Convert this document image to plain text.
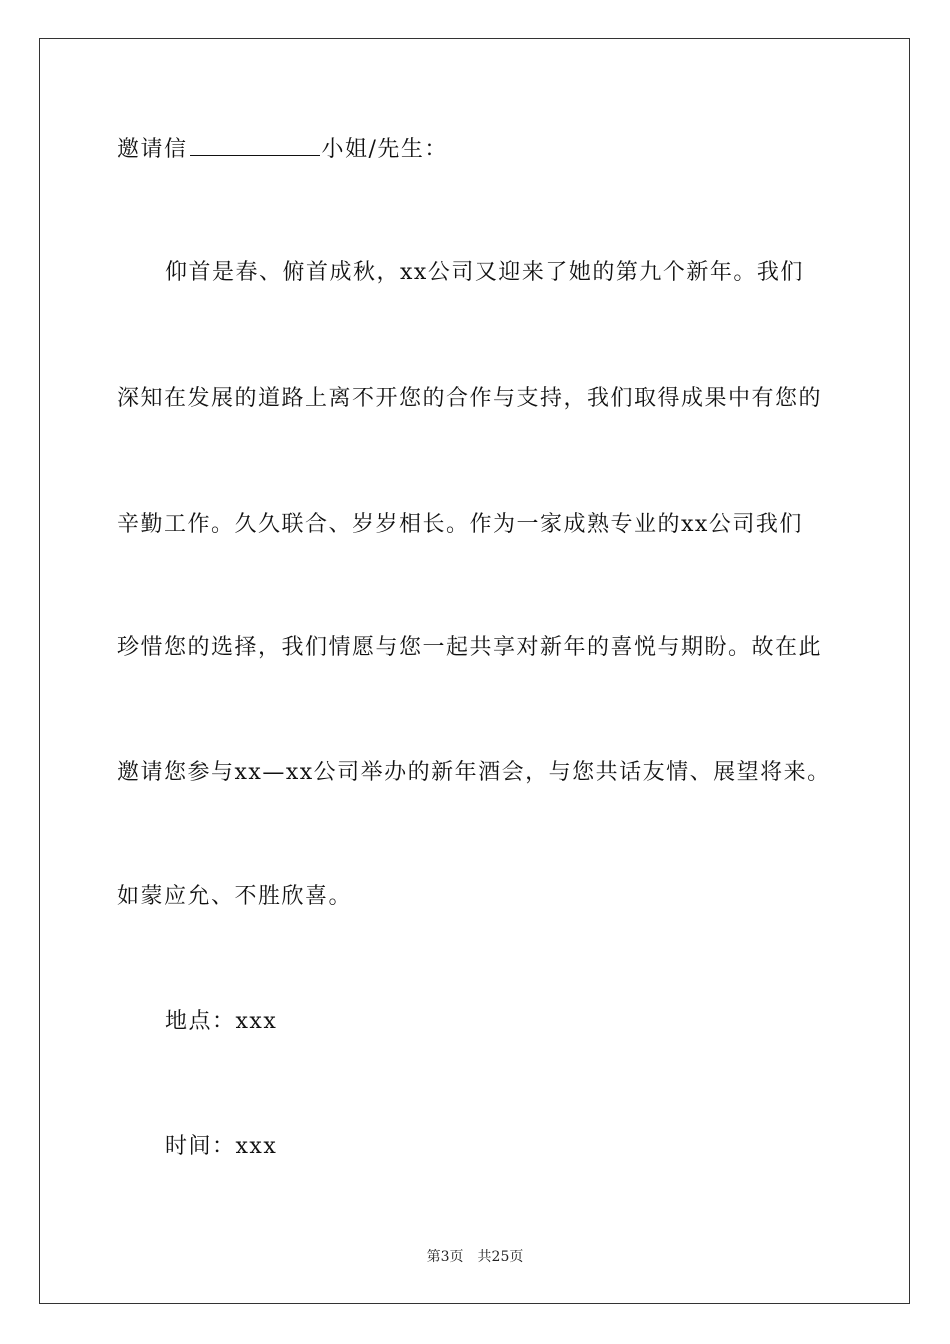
邀请信	小姐/先生：
仰首是春、俯首成秋，xx公司又迎来了她的第九个新年。我们
深知在发展的道路上离不开您的合作与支持，我们取得成果中有您的
辛勤工作。久久联合、岁岁相长。作为一家成熟专业的xx公司我们
珍惜您的选择，我们情愿与您一起共享对新年的喜悦与期盼。故在此
邀请您参与xx—xx公司举办的新年酒会，与您共话友情、展望将来。
如蒙应允、不胜欣喜。
地点：xxx
时间：xxx
第3页 共25页
